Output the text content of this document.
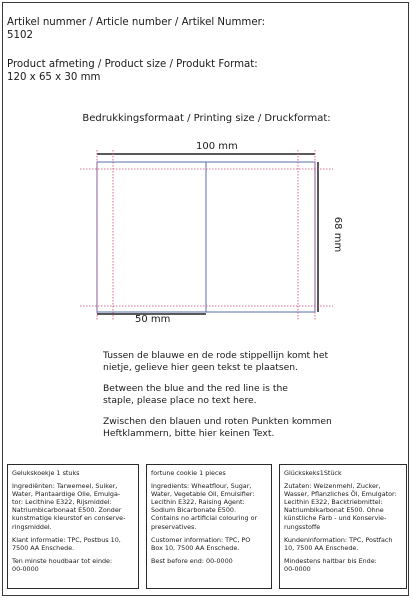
Artikel nummer / Article number / Artikel Nummer:
5102
Product afmeting / Product size / Produkt Format:
120 x 65 x 30 mm
Bedrukkingsformaat / Printing size / Druckformat:
100 mm
68 mm
50 mm

Tussen de blauwe en de rode stippellijn komt het
nietje, gelieve hier geen tekst te plaatsen.

Between the blue and the red line is the
staple, please place no text here.

Zwischen den blauen und roten Punkten kommen
Heftklammern, bitte hier keinen Text.

Gelukskoekje 1 stuks

Ingrediënten: Tarwemeel, Suiker,
Water, Plantaardige Olie, Emulga-
tor: Lecithine E322, Rijsmiddel:
Natriumbicarbonaat E500. Zonder
kunstmatige kleurstof en conserve-
ringsmiddel.

Klant informatie: TPC, Postbus 10,
7500 AA Enschede.

Ten minste houdbaar tot einde:
00-0000

fortune cookie 1 pieces

Ingredients: Wheatflour, Sugar,
Water, Vegetable Oil, Emulsifier:
Lecithin E322, Raising Agent:
Sodium Bicarbonate E500.
Contains no artificial colouring or
preservatives.

Customer information: TPC, PO
Box 10, 7500 AA Enschede.

Best before end: 00-0000

Glückskeks1Stück

Zutaten: Weizenmehl, Zucker,
Wasser, Pflanzliches Öl, Emulgator:
Lecithin E322, Backtriebmittel:
Natriumbikarbonat E500. Ohne
künstliche Farb - und Konservie-
rungsstoffe

Kundeninformation: TPC, Postfach
10, 7500 AA Enschede.

Mindestens haltbar bis Ende:
00-0000
